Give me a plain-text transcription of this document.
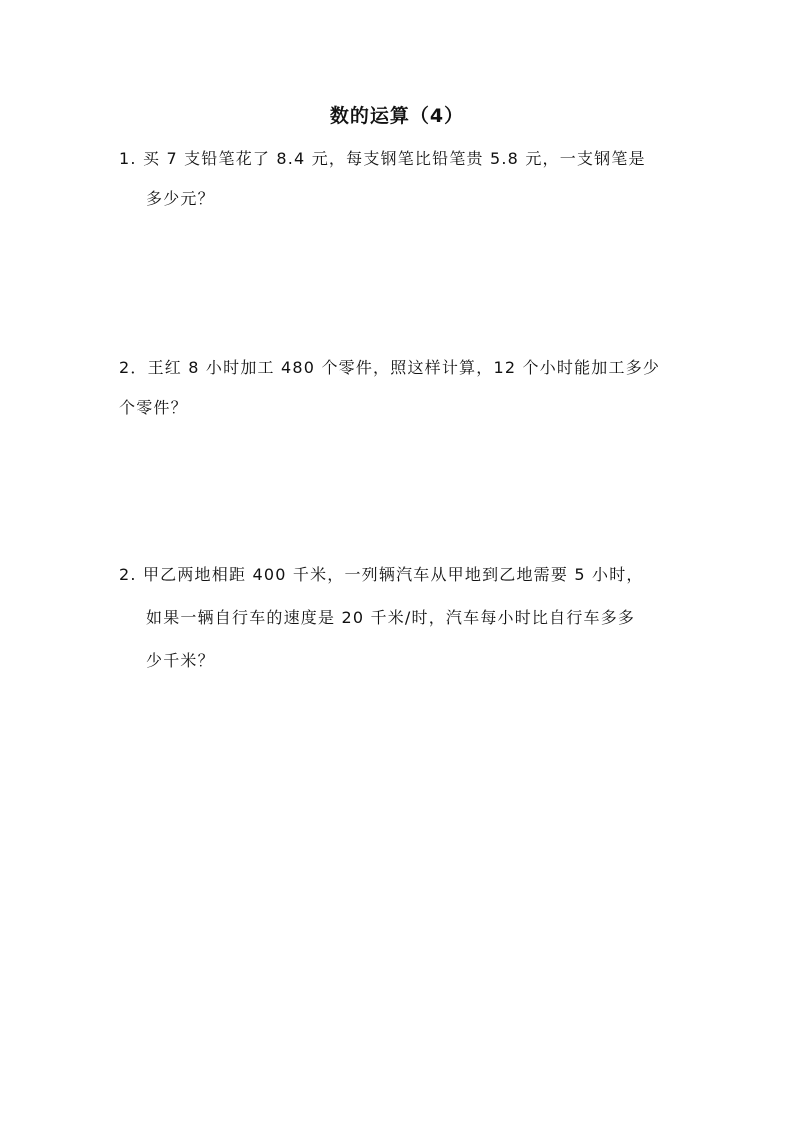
数的运算（4）
1. 买 7 支铅笔花了 8.4 元，每支钢笔比铅笔贵 5.8 元，一支钢笔是
多少元？
2．王红 8 小时加工 480 个零件，照这样计算，12 个小时能加工多少
个零件？
2. 甲乙两地相距 400 千米，一列辆汽车从甲地到乙地需要 5 小时，
如果一辆自行车的速度是 20 千米/时，汽车每小时比自行车多多
少千米？
